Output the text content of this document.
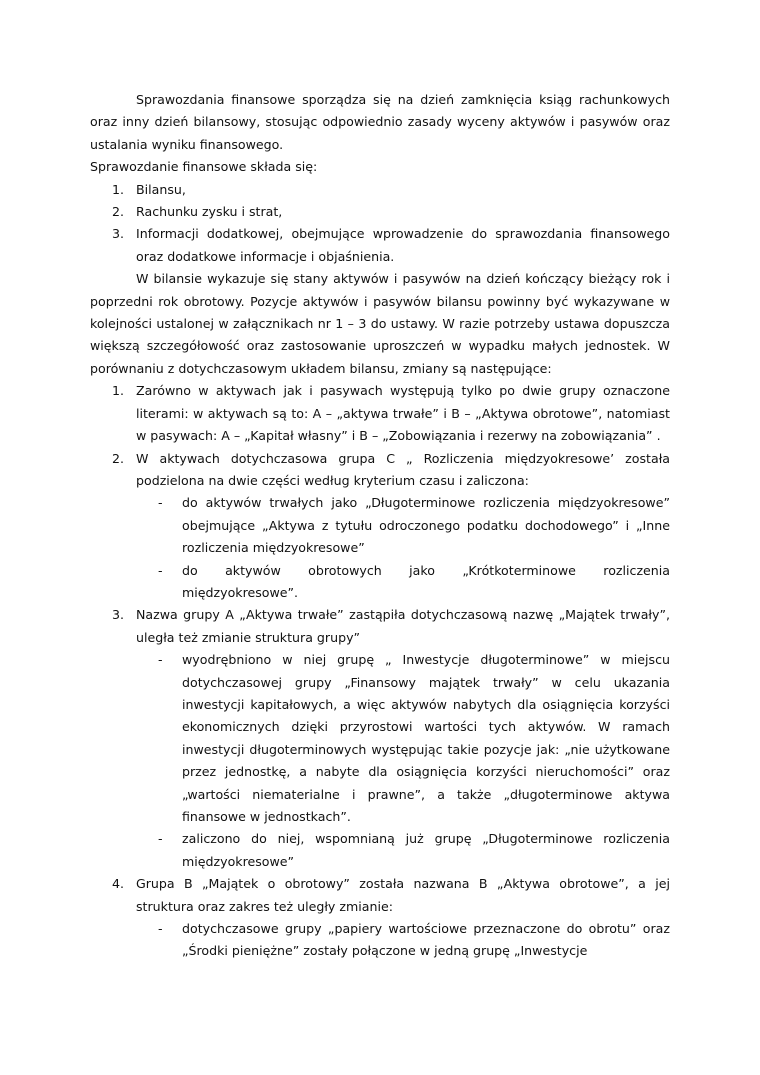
Sprawozdania finansowe sporządza się na dzień zamknięcia ksiąg rachunkowych oraz inny dzień bilansowy, stosując odpowiednio zasady wyceny aktywów i pasywów oraz ustalania wyniku finansowego.

Sprawozdanie finansowe składa się:

1. Bilansu,
2. Rachunku zysku i strat,
3. Informacji dodatkowej, obejmujące wprowadzenie do sprawozdania finansowego oraz dodatkowe informacje i objaśnienia.

W bilansie wykazuje się stany aktywów i pasywów na dzień kończący bieżący rok i poprzedni rok obrotowy. Pozycje aktywów i pasywów bilansu powinny być wykazywane w kolejności ustalonej w załącznikach nr 1 – 3 do ustawy. W razie potrzeby ustawa dopuszcza większą szczegółowość oraz zastosowanie uproszczeń w wypadku małych jednostek. W porównaniu z dotychczasowym układem bilansu, zmiany są następujące:

1. Zarówno w aktywach jak i pasywach występują tylko po dwie grupy oznaczone literami: w aktywach są to: A – „aktywa trwałe” i B – „Aktywa obrotowe”, natomiast w pasywach: A – „Kapitał własny” i B – „Zobowiązania i rezerwy na zobowiązania” .
2. W aktywach dotychczasowa grupa C „ Rozliczenia międzyokresowe’ została podzielona na dwie części według kryterium czasu i zaliczona:
- do aktywów trwałych jako „Długoterminowe rozliczenia międzyokresowe” obejmujące „Aktywa z tytułu odroczonego podatku dochodowego” i „Inne rozliczenia międzyokresowe”
- do aktywów obrotowych jako „Krótkoterminowe rozliczenia międzyokresowe”.
3. Nazwa grupy A „Aktywa trwałe” zastąpiła dotychczasową nazwę „Majątek trwały”, uległa też zmianie struktura grupy”
- wyodrębniono w niej grupę „ Inwestycje długoterminowe” w miejscu dotychczasowej grupy „Finansowy majątek trwały” w celu ukazania inwestycji kapitałowych, a więc aktywów nabytych dla osiągnięcia korzyści ekonomicznych dzięki przyrostowi wartości tych aktywów. W ramach inwestycji długoterminowych występując takie pozycje jak: „nie użytkowane przez jednostkę, a nabyte dla osiągnięcia korzyści nieruchomości” oraz „wartości niematerialne i prawne”, a także „długoterminowe aktywa finansowe w jednostkach”.
- zaliczono do niej, wspomnianą już grupę „Długoterminowe rozliczenia międzyokresowe”
4. Grupa B „Majątek o obrotowy” została nazwana B „Aktywa obrotowe”, a jej struktura oraz zakres też uległy zmianie:
- dotychczasowe grupy „papiery wartościowe przeznaczone do obrotu” oraz „Środki pieniężne” zostały połączone w jedną grupę „Inwestycje
